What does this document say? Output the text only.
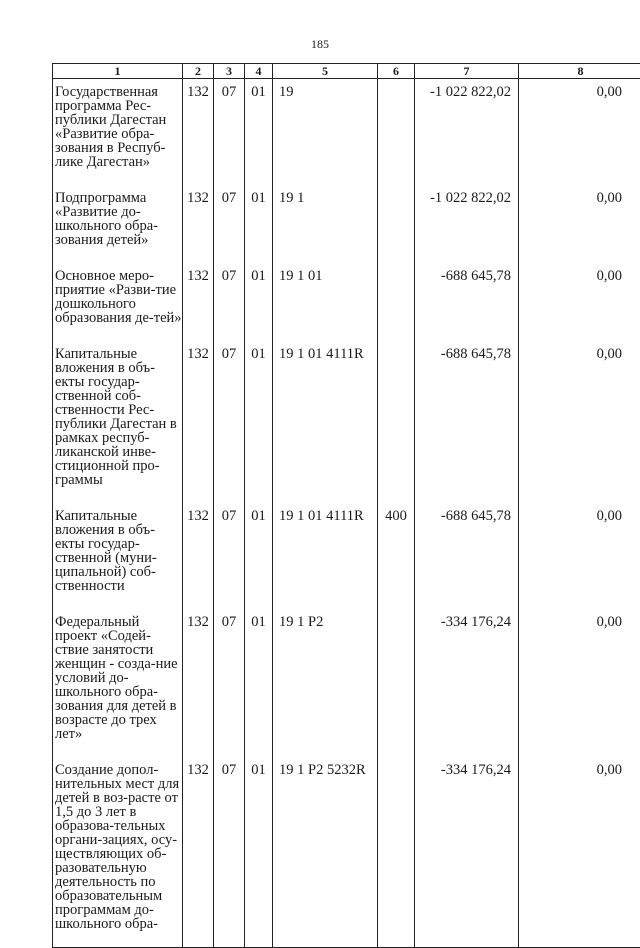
185
1	2	3	4	5	6	7	8
Государственная программа Рес-публики Дагестан «Развитие обра-зования в Респуб-лике Дагестан»	132	07	01	19		-1 022 822,02	0,00
Подпрограмма «Развитие до-школьного обра-зования детей»	132	07	01	19 1		-1 022 822,02	0,00
Основное меро-приятие «Разви-тие дошкольного образования де-тей»	132	07	01	19 1 01		-688 645,78	0,00
Капитальные вложения в объ-екты государ-ственной соб-ственности Рес-публики Дагестан в рамках респуб-ликанской инве-стиционной про-граммы	132	07	01	19 1 01 4111R		-688 645,78	0,00
Капитальные вложения в объ-екты государ-ственной (муни-ципальной) соб-ственности	132	07	01	19 1 01 4111R	400	-688 645,78	0,00
Федеральный проект «Содей-ствие занятости женщин - созда-ние условий до-школьного обра-зования для детей в возрасте до трех лет»	132	07	01	19 1 P2		-334 176,24	0,00
Создание допол-нительных мест для детей в воз-расте от 1,5 до 3 лет в образова-тельных органи-зациях, осу-ществляющих об-разовательную деятельность по образовательным программам до-школьного обра-	132	07	01	19 1 P2 5232R		-334 176,24	0,00
